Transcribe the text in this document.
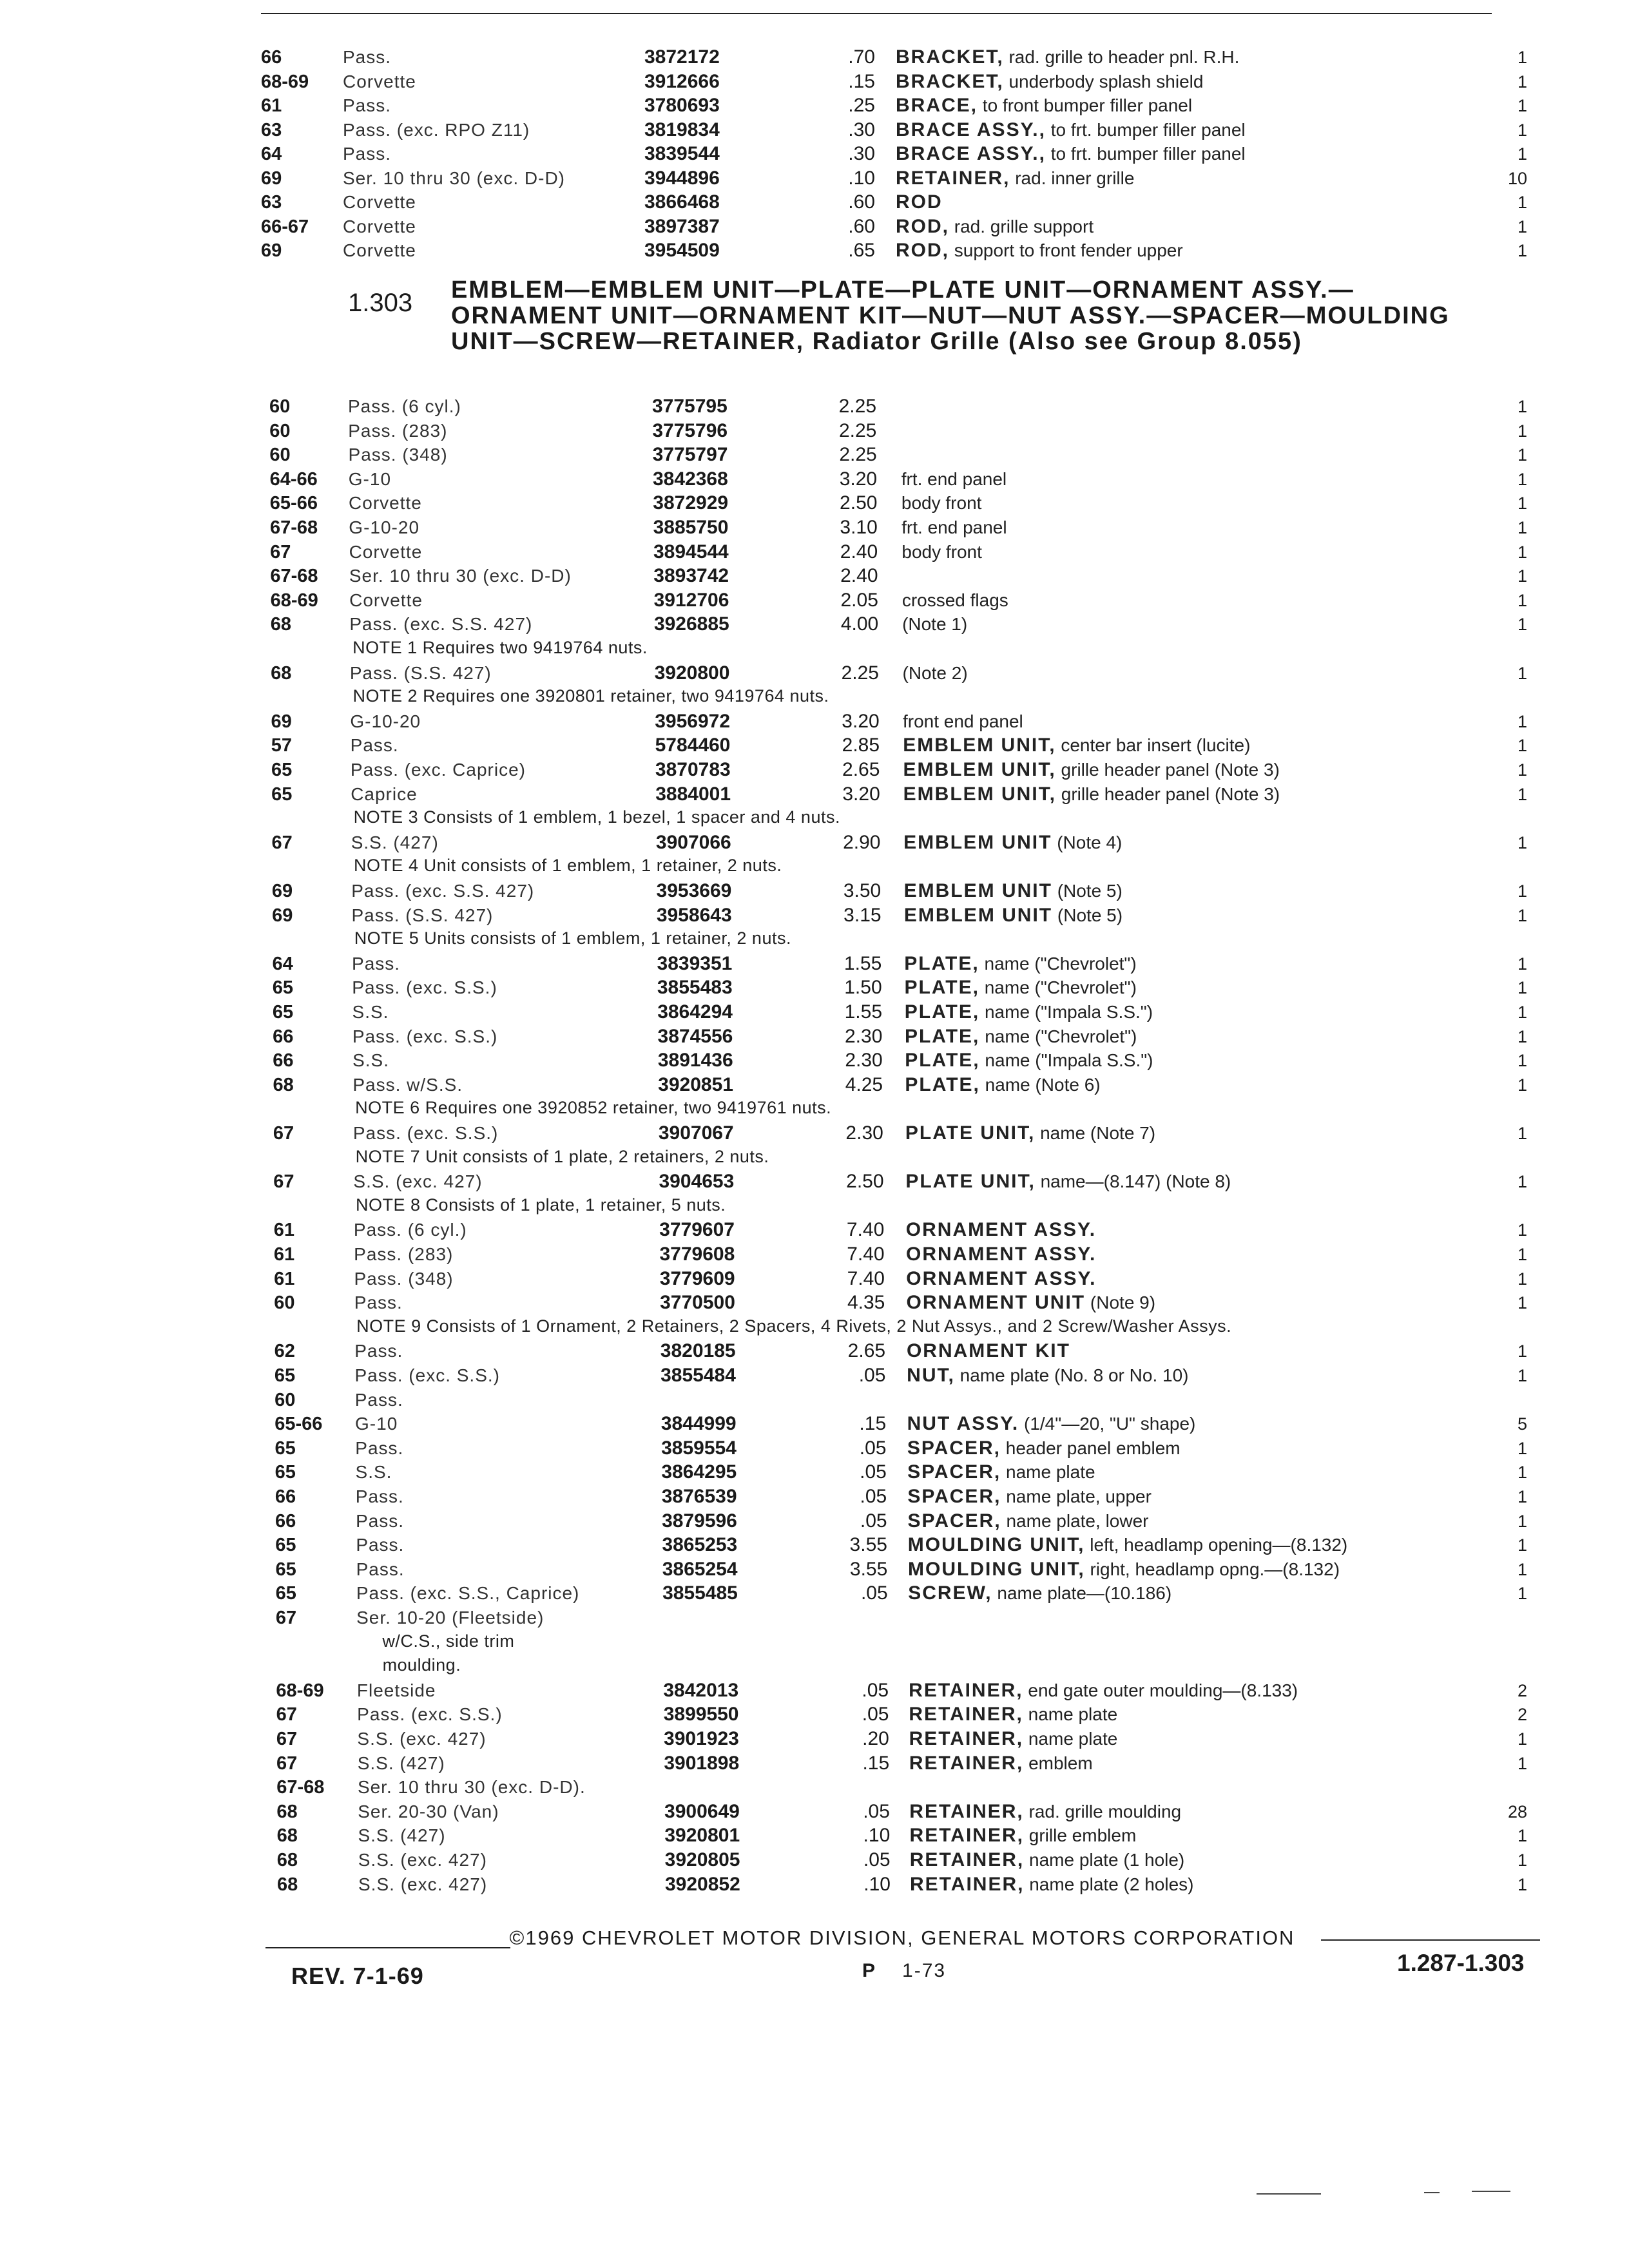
66	Pass.	3872172	.70 BRACKET, rad. grille to header pnl. R.H.	1
68-69 Corvette	3912666	.15 BRACKET, underbody splash shield	1
61	Pass.	3780693	.25 BRACE, to front bumper filler panel	1
63	Pass. (exc. RPO Z11)	3819834	.30 BRACE ASSY., to frt. bumper filler panel	1
64	Pass.	3839544	.30 BRACE ASSY., to frt. bumper filler panel	1
69	Ser. 10 thru 30 (exc. D-D)	3944896	.10 RETAINER, rad. inner grille	10
63	Corvette	3866468	.60 ROD	1
66-67 Corvette	3897387	.60 ROD, rad. grille support	1
69	Corvette	3954509	.65 ROD, support to front fender upper	1
60	Pass. (6 cyl.)	3775795	2.25	1
60	Pass. (283)	3775796	2.25	1
60	Pass. (348)	3775797	2.25	1
64-66 G-10	3842368	3.20 frt. end panel	1
65-66 Corvette	3872929	2.50 body front	1
67-68 G-10-20	3885750	3.10 frt. end panel	1
67	Corvette	3894544	2.40 body front	1
67-68 Ser. 10 thru 30 (exc. D-D)	3893742	2.40	1
68-69 Corvette	3912706	2.05 crossed flags	1
68	Pass. (exc. S.S. 427)	3926885	4.00 (Note 1)	1
NOTE 1 Requires two 9419764 nuts.
68	Pass. (S.S. 427)	3920800	2.25 (Note 2)	1
NOTE 2 Requires one 3920801 retainer, two 9419764 nuts.
69	G-10-20	3956972	3.20 front end panel	1
57	Pass.	5784460	2.85 EMBLEM UNIT, center bar insert (lucite)	1
65	Pass. (exc. Caprice)	3870783	2.65 EMBLEM UNIT, grille header panel (Note 3)	1
65	Caprice	3884001	3.20 EMBLEM UNIT, grille header panel (Note 3)	1
NOTE 3 Consists of 1 emblem, 1 bezel, 1 spacer and 4 nuts.
67	S.S. (427)	3907066	2.90 EMBLEM UNIT (Note 4)	1
NOTE 4 Unit consists of 1 emblem, 1 retainer, 2 nuts.
69	Pass. (exc. S.S. 427)	3953669	3.50 EMBLEM UNIT (Note 5)	1
69	Pass. (S.S. 427)	3958643	3.15 EMBLEM UNIT (Note 5)	1
NOTE 5 Units consists of 1 emblem, 1 retainer, 2 nuts.
64	Pass.	3839351	1.55 PLATE, name ("Chevrolet")	1
65	Pass. (exc. S.S.)	3855483	1.50 PLATE, name ("Chevrolet")	1
65	S.S.	3864294	1.55 PLATE, name ("Impala S.S.")	1
66	Pass. (exc. S.S.)	3874556	2.30 PLATE, name ("Chevrolet")	1
66	S.S.	3891436	2.30 PLATE, name ("Impala S.S.")	1
68	Pass. w/S.S.	3920851	4.25 PLATE, name (Note 6)	1
NOTE 6 Requires one 3920852 retainer, two 9419761 nuts.
67	Pass. (exc. S.S.)	3907067	2.30 PLATE UNIT, name (Note 7)	1
NOTE 7 Unit consists of 1 plate, 2 retainers, 2 nuts.
67	S.S. (exc. 427)	3904653	2.50 PLATE UNIT, name—(8.147) (Note 8)	1
NOTE 8 Consists of 1 plate, 1 retainer, 5 nuts.
61	Pass. (6 cyl.)	3779607	7.40 ORNAMENT ASSY.	1
61	Pass. (283)	3779608	7.40 ORNAMENT ASSY.	1
61	Pass. (348)	3779609	7.40 ORNAMENT ASSY.	1
60	Pass.	3770500	4.35 ORNAMENT UNIT (Note 9)	1
NOTE 9 Consists of 1 Ornament, 2 Retainers, 2 Spacers, 4 Rivets, 2 Nut Assys., and 2 Screw/Washer Assys.
62	Pass.	3820185	2.65 ORNAMENT KIT	1
65	Pass. (exc. S.S.)	3855484	.05 NUT, name plate (No. 8 or No. 10)	1
60	Pass.
65-66 G-10	3844999	.15 NUT ASSY. (1/4"—20, "U" shape)	5
65	Pass.	3859554	.05 SPACER, header panel emblem	1
65	S.S.	3864295	.05 SPACER, name plate	1
66	Pass.	3876539	.05 SPACER, name plate, upper	1
66	Pass.	3879596	.05 SPACER, name plate, lower	1
65	Pass.	3865253	3.55 MOULDING UNIT, left, headlamp opening—(8.132)	1
65	Pass.	3865254	3.55 MOULDING UNIT, right, headlamp opng.—(8.132)	1
65	Pass. (exc. S.S., Caprice)	3855485	.05 SCREW, name plate—(10.186)	1
67	Ser. 10-20 (Fleetside)
w/C.S., side trim
moulding.
68-69 Fleetside	3842013	.05 RETAINER, end gate outer moulding—(8.133)	2
67	Pass. (exc. S.S.)	3899550	.05 RETAINER, name plate	2
67	S.S. (exc. 427)	3901923	.20 RETAINER, name plate	1
67	S.S. (427)	3901898	.15 RETAINER, emblem	1
67-68 Ser. 10 thru 30 (exc. D-D).
68	Ser. 20-30 (Van)	3900649	.05 RETAINER, rad. grille moulding	28
68	S.S. (427)	3920801	.10 RETAINER, grille emblem	1
68	S.S. (exc. 427)	3920805	.05 RETAINER, name plate (1 hole)	1
68	S.S. (exc. 427)	3920852	.10 RETAINER, name plate (2 holes)	1
1.303 EMBLEM—EMBLEM UNIT—PLATE—PLATE UNIT—ORNAMENT ASSY.—ORNAMENT UNIT—ORNAMENT KIT—NUT—NUT ASSY.—SPACER—MOULDING UNIT—SCREW—RETAINER, Radiator Grille (Also see Group 8.055)
©1969 CHEVROLET MOTOR DIVISION, GENERAL MOTORS CORPORATION
REV. 7-1-69	P 1-73	1.287-1.303
